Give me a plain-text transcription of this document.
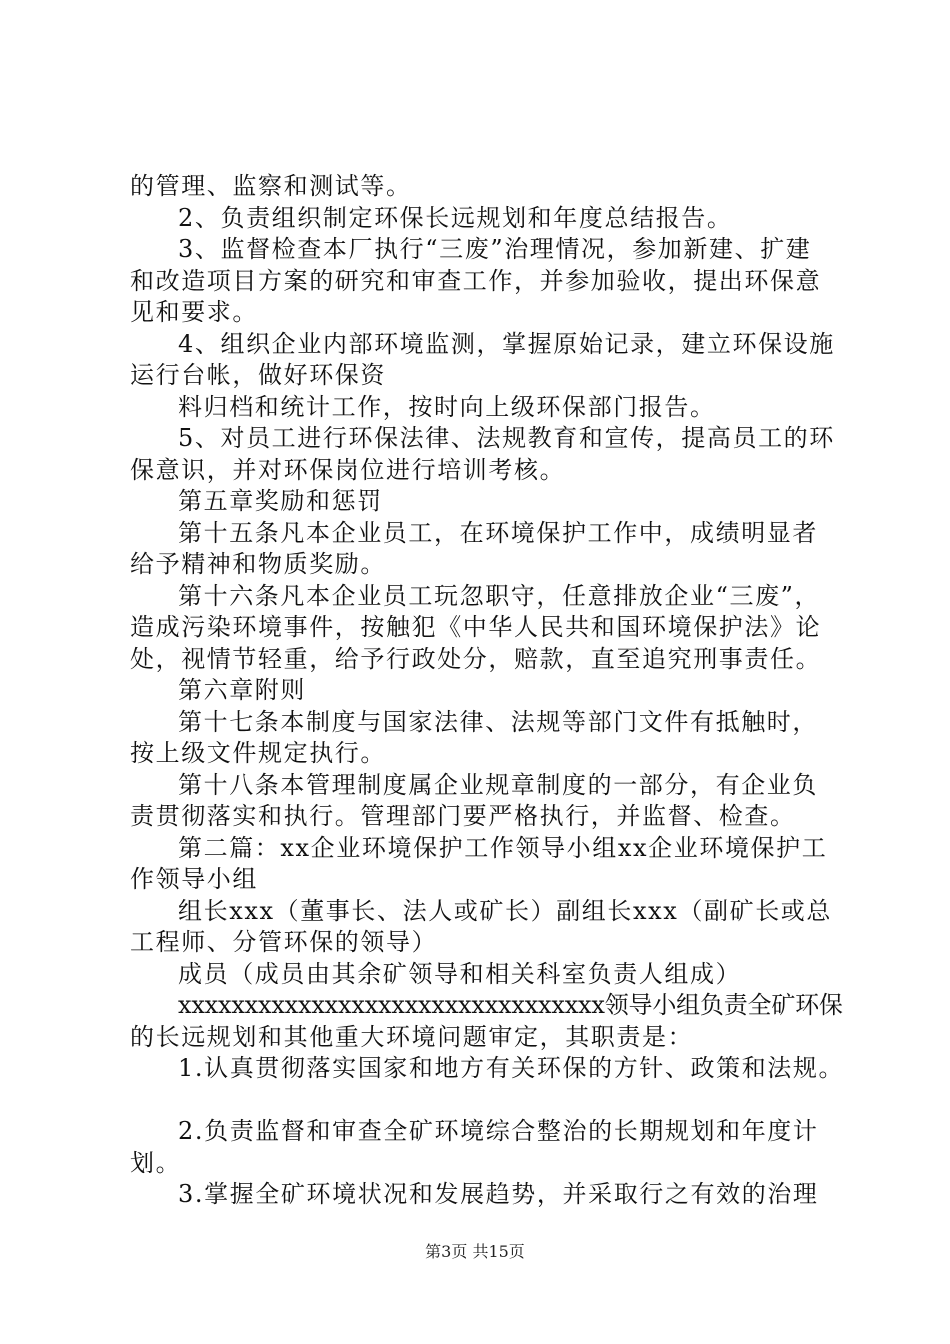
的管理、监察和测试等。
2、负责组织制定环保长远规划和年度总结报告。
3、监督检查本厂执行“三废”治理情况，参加新建、扩建
和改造项目方案的研究和审查工作，并参加验收，提出环保意
见和要求。
4、组织企业内部环境监测，掌握原始记录，建立环保设施
运行台帐，做好环保资
料归档和统计工作，按时向上级环保部门报告。
5、对员工进行环保法律、法规教育和宣传，提高员工的环
保意识，并对环保岗位进行培训考核。
第五章奖励和惩罚
第十五条凡本企业员工，在环境保护工作中，成绩明显者
给予精神和物质奖励。
第十六条凡本企业员工玩忽职守，任意排放企业“三废”，
造成污染环境事件，按触犯《中华人民共和国环境保护法》论
处，视情节轻重，给予行政处分，赔款，直至追究刑事责任。
第六章附则
第十七条本制度与国家法律、法规等部门文件有抵触时，
按上级文件规定执行。
第十八条本管理制度属企业规章制度的一部分，有企业负
责贯彻落实和执行。管理部门要严格执行，并监督、检查。
第二篇：xx企业环境保护工作领导小组xx企业环境保护工
作领导小组
组长xxx（董事长、法人或矿长）副组长xxx（副矿长或总
工程师、分管环保的领导）
成员（成员由其余矿领导和相关科室负责人组成）
xxxxxxxxxxxxxxxxxxxxxxxxxxxxxxxx领导小组负责全矿环保
的长远规划和其他重大环境问题审定，其职责是：
1.认真贯彻落实国家和地方有关环保的方针、政策和法规。
2.负责监督和审查全矿环境综合整治的长期规划和年度计
划。
3.掌握全矿环境状况和发展趋势，并采取行之有效的治理
第3页 共15页
